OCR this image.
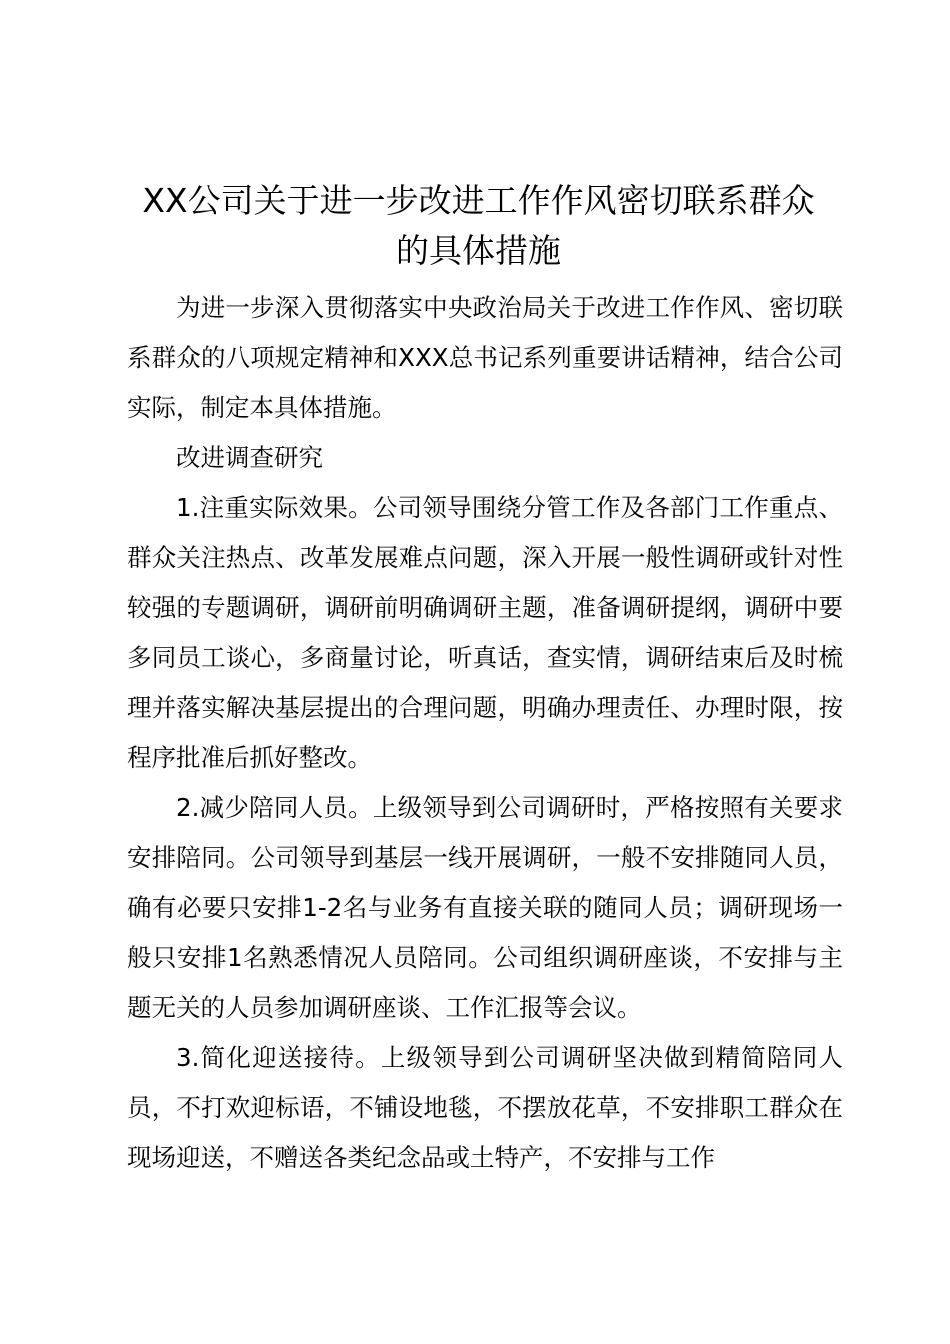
XX公司关于进一步改进工作作风密切联系群众的具体措施

为进一步深入贯彻落实中央政治局关于改进工作作风、密切联系群众的八项规定精神和XXX总书记系列重要讲话精神，结合公司实际，制定本具体措施。

改进调查研究

1.注重实际效果。公司领导围绕分管工作及各部门工作重点、群众关注热点、改革发展难点问题，深入开展一般性调研或针对性较强的专题调研，调研前明确调研主题，准备调研提纲，调研中要多同员工谈心，多商量讨论，听真话，查实情，调研结束后及时梳理并落实解决基层提出的合理问题，明确办理责任、办理时限，按程序批准后抓好整改。

2.减少陪同人员。上级领导到公司调研时，严格按照有关要求安排陪同。公司领导到基层一线开展调研，一般不安排随同人员，确有必要只安排1-2名与业务有直接关联的随同人员；调研现场一般只安排1名熟悉情况人员陪同。公司组织调研座谈，不安排与主题无关的人员参加调研座谈、工作汇报等会议。

3.简化迎送接待。上级领导到公司调研坚决做到精简陪同人员，不打欢迎标语，不铺设地毯，不摆放花草，不安排职工群众在现场迎送，不赠送各类纪念品或土特产，不安排与工作
